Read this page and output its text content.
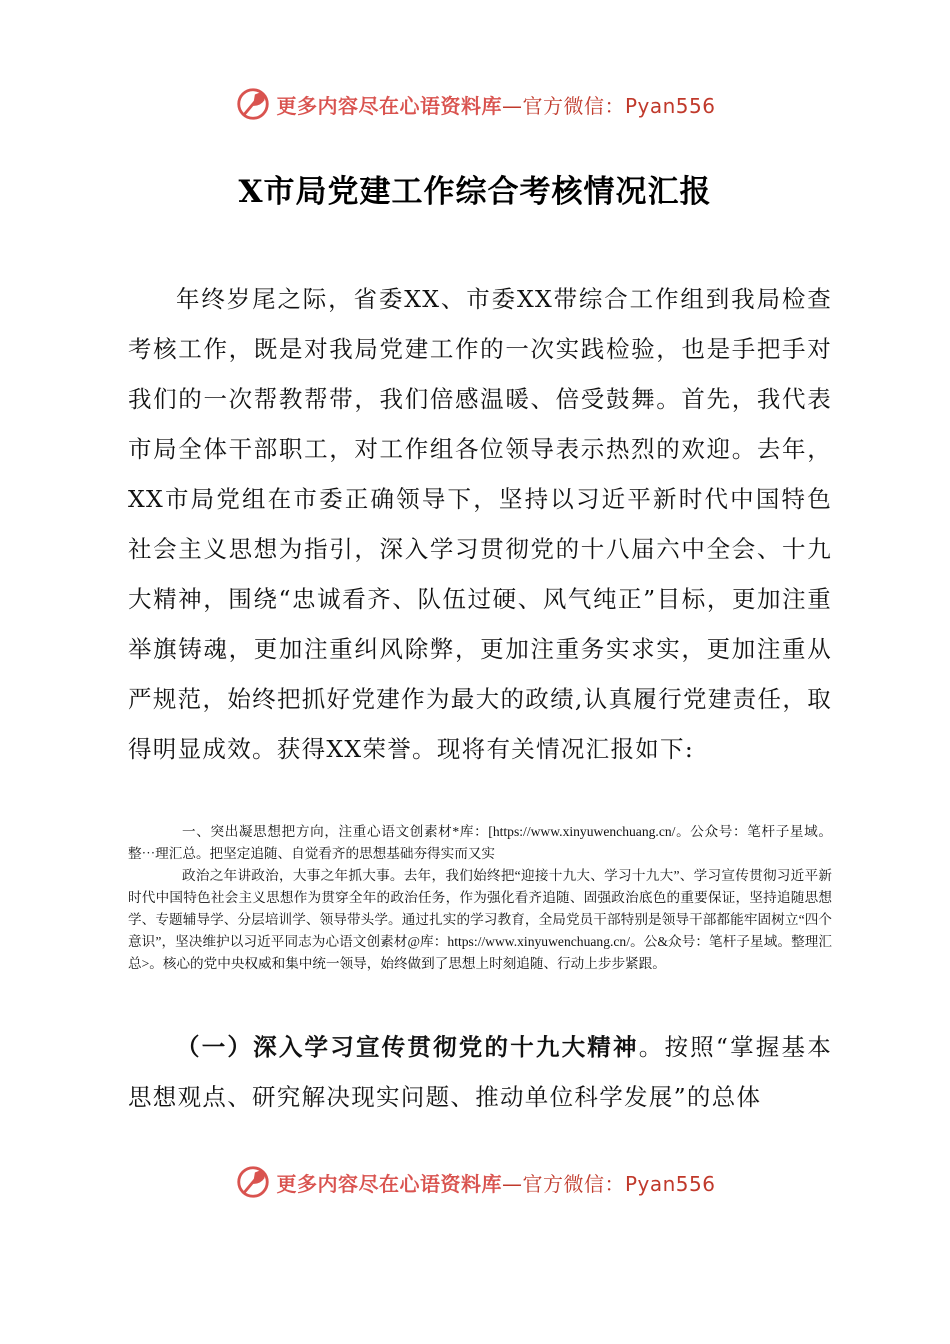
更多内容尽在心语资料库—官方微信：Pyan556
X市局党建工作综合考核情况汇报

年终岁尾之际，省委XX、市委XX带综合工作组到我局检查考核工作，既是对我局党建工作的一次实践检验，也是手把手对我们的一次帮教帮带，我们倍感温暖、倍受鼓舞。首先，我代表市局全体干部职工，对工作组各位领导表示热烈的欢迎。去年，XX市局党组在市委正确领导下，坚持以习近平新时代中国特色社会主义思想为指引，深入学习贯彻党的十八届六中全会、十九大精神，围绕“忠诚看齐、队伍过硬、风气纯正”目标，更加注重举旗铸魂，更加注重纠风除弊，更加注重务实求实，更加注重从严规范，始终把抓好党建作为最大的政绩,认真履行党建责任，取得明显成效。获得XX荣誉。现将有关情况汇报如下:

一、突出凝思想把方向，注重心语文创素材*库：[https://www.xinyuwenchuang.cn/。公众号：笔杆子星域。整⋯理汇总。把坚定追随、自觉看齐的思想基础夯得实而又实

政治之年讲政治，大事之年抓大事。去年，我们始终把“迎接十九大、学习十九大”、学习宣传贯彻习近平新时代中国特色社会主义思想作为贯穿全年的政治任务，作为强化看齐追随、固强政治底色的重要保证，坚持追随思想学、专题辅导学、分层培训学、领导带头学。通过扎实的学习教育，全局党员干部特别是领导干部都能牢固树立“四个意识”，坚决维护以习近平同志为心语文创素材@库：https://www.xinyuwenchuang.cn/。公&众号：笔杆子星域。整理汇总>。核心的党中央权威和集中统一领导，始终做到了思想上时刻追随、行动上步步紧跟。

（一）深入学习宣传贯彻党的十九大精神。按照“掌握基本思想观点、研究解决现实问题、推动单位科学发展”的总体

更多内容尽在心语资料库—官方微信：Pyan556
